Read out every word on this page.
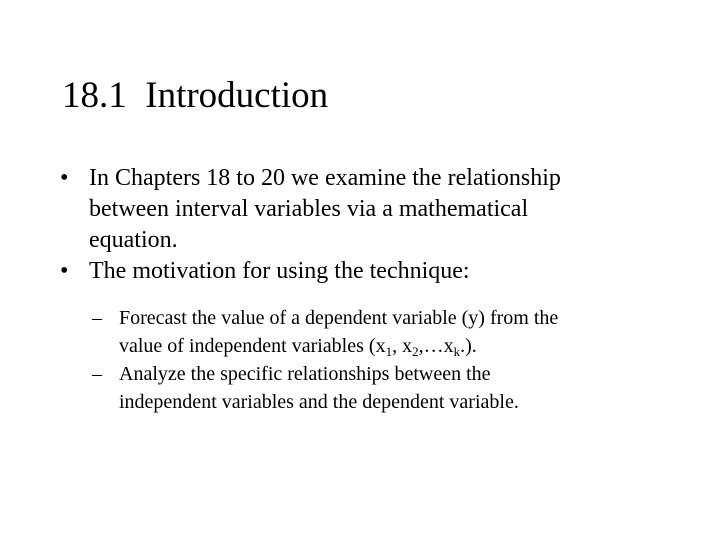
18.1  Introduction
• In Chapters 18 to 20 we examine the relationship
between interval variables via a mathematical
equation.
• The motivation for using the technique:
– Forecast the value of a dependent variable (y) from the
value of independent variables ($x_1$, $x_2,\dots x_k$.).
– Analyze the specific relationships between the
independent variables and the dependent variable.
